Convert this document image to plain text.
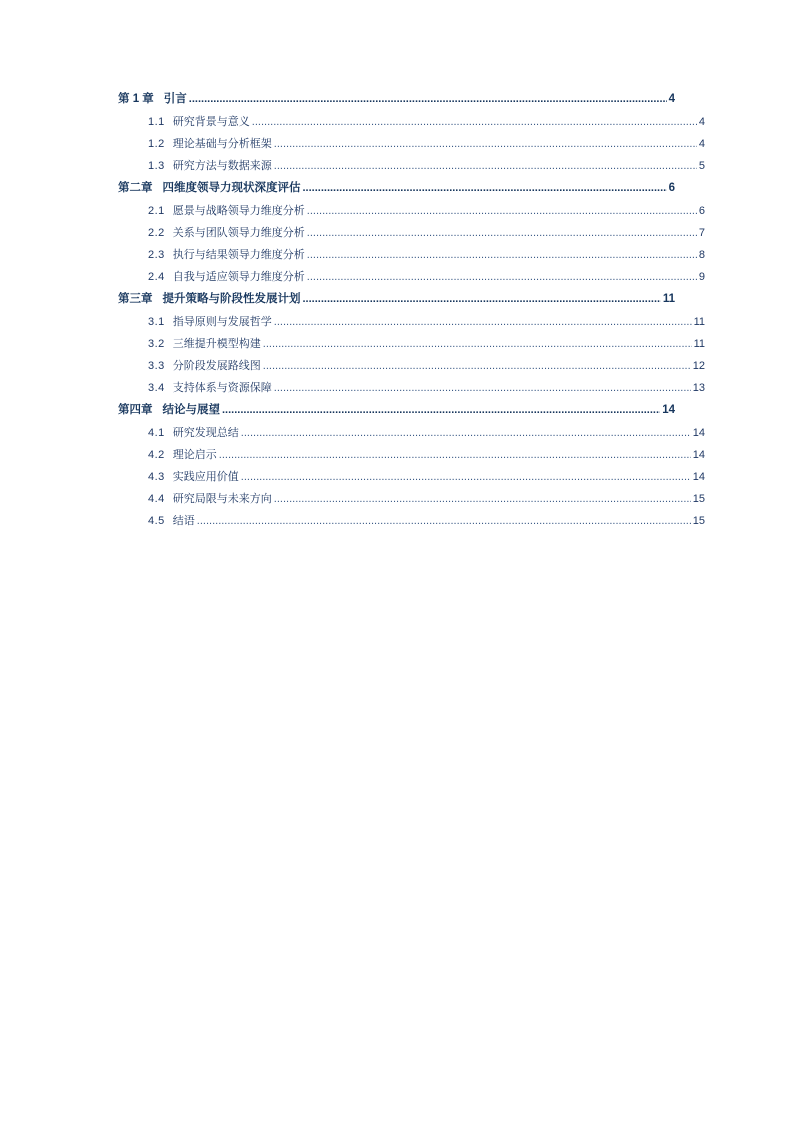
第 1 章 引言 .....	4
1.1 研究背景与意义 .....	4
1.2 理论基础与分析框架 .....	4
1.3 研究方法与数据来源 .....	5
第二章 四维度领导力现状深度评估 .....	6
2.1 愿景与战略领导力维度分析 .....	6
2.2 关系与团队领导力维度分析 .....	7
2.3 执行与结果领导力维度分析 .....	8
2.4 自我与适应领导力维度分析 .....	9
第三章 提升策略与阶段性发展计划 .....	11
3.1 指导原则与发展哲学 .....	11
3.2 三维提升模型构建 .....	11
3.3 分阶段发展路线图 .....	12
3.4 支持体系与资源保障 .....	13
第四章 结论与展望 .....	14
4.1 研究发现总结 .....	14
4.2 理论启示 .....	14
4.3 实践应用价值 .....	14
4.4 研究局限与未来方向 .....	15
4.5 结语 .....	15
